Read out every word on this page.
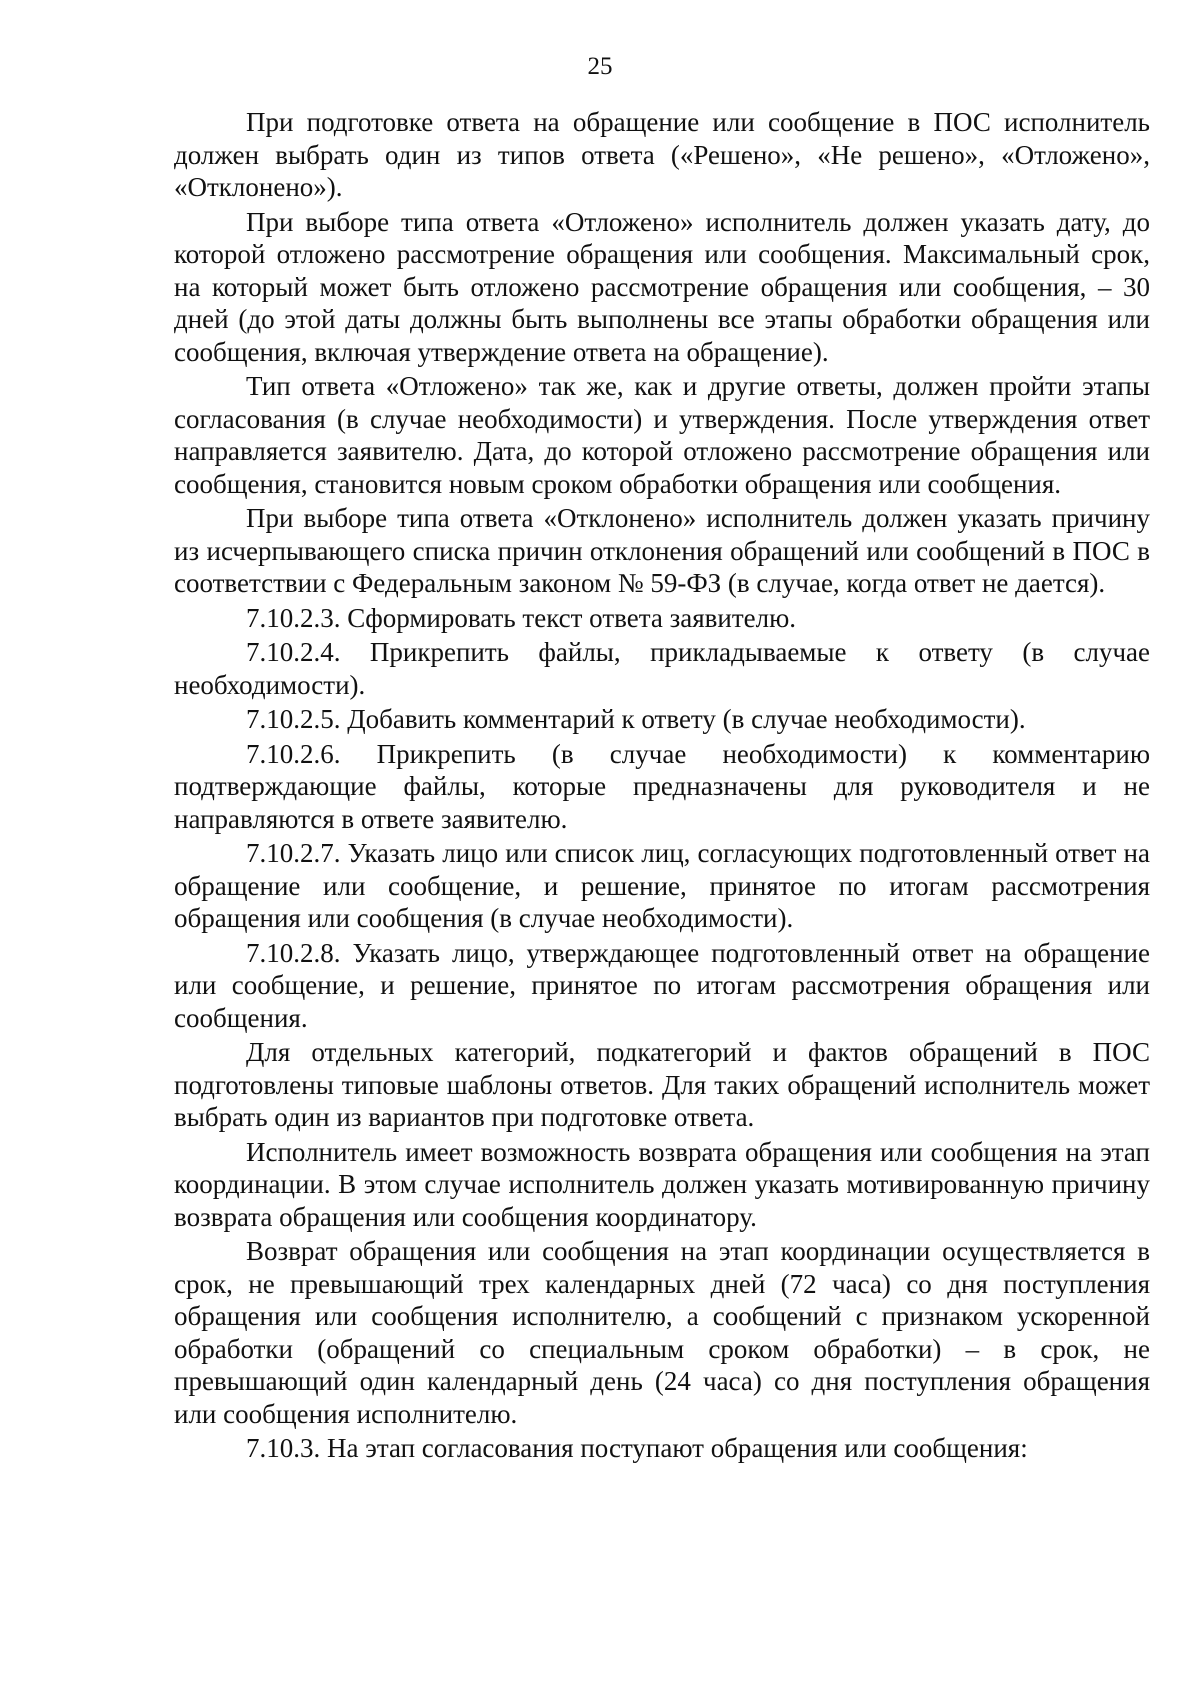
25

При подготовке ответа на обращение или сообщение в ПОС исполнитель должен выбрать один из типов ответа («Решено», «Не решено», «Отложено», «Отклонено»).

При выборе типа ответа «Отложено» исполнитель должен указать дату, до которой отложено рассмотрение обращения или сообщения. Максимальный срок, на который может быть отложено рассмотрение обращения или сообщения, – 30 дней (до этой даты должны быть выполнены все этапы обработки обращения или сообщения, включая утверждение ответа на обращение).

Тип ответа «Отложено» так же, как и другие ответы, должен пройти этапы согласования (в случае необходимости) и утверждения. После утверждения ответ направляется заявителю. Дата, до которой отложено рассмотрение обращения или сообщения, становится новым сроком обработки обращения или сообщения.

При выборе типа ответа «Отклонено» исполнитель должен указать причину из исчерпывающего списка причин отклонения обращений или сообщений в ПОС в соответствии с Федеральным законом № 59-ФЗ (в случае, когда ответ не дается).

7.10.2.3. Сформировать текст ответа заявителю.

7.10.2.4. Прикрепить файлы, прикладываемые к ответу (в случае необходимости).

7.10.2.5. Добавить комментарий к ответу (в случае необходимости).

7.10.2.6. Прикрепить (в случае необходимости) к комментарию подтверждающие файлы, которые предназначены для руководителя и не направляются в ответе заявителю.

7.10.2.7. Указать лицо или список лиц, согласующих подготовленный ответ на обращение или сообщение, и решение, принятое по итогам рассмотрения обращения или сообщения (в случае необходимости).

7.10.2.8. Указать лицо, утверждающее подготовленный ответ на обращение или сообщение, и решение, принятое по итогам рассмотрения обращения или сообщения.

Для отдельных категорий, подкатегорий и фактов обращений в ПОС подготовлены типовые шаблоны ответов. Для таких обращений исполнитель может выбрать один из вариантов при подготовке ответа.

Исполнитель имеет возможность возврата обращения или сообщения на этап координации. В этом случае исполнитель должен указать мотивированную причину возврата обращения или сообщения координатору.

Возврат обращения или сообщения на этап координации осуществляется в срок, не превышающий трех календарных дней (72 часа) со дня поступления обращения или сообщения исполнителю, а сообщений с признаком ускоренной обработки (обращений со специальным сроком обработки) – в срок, не превышающий один календарный день (24 часа) со дня поступления обращения или сообщения исполнителю.

7.10.3. На этап согласования поступают обращения или сообщения:
